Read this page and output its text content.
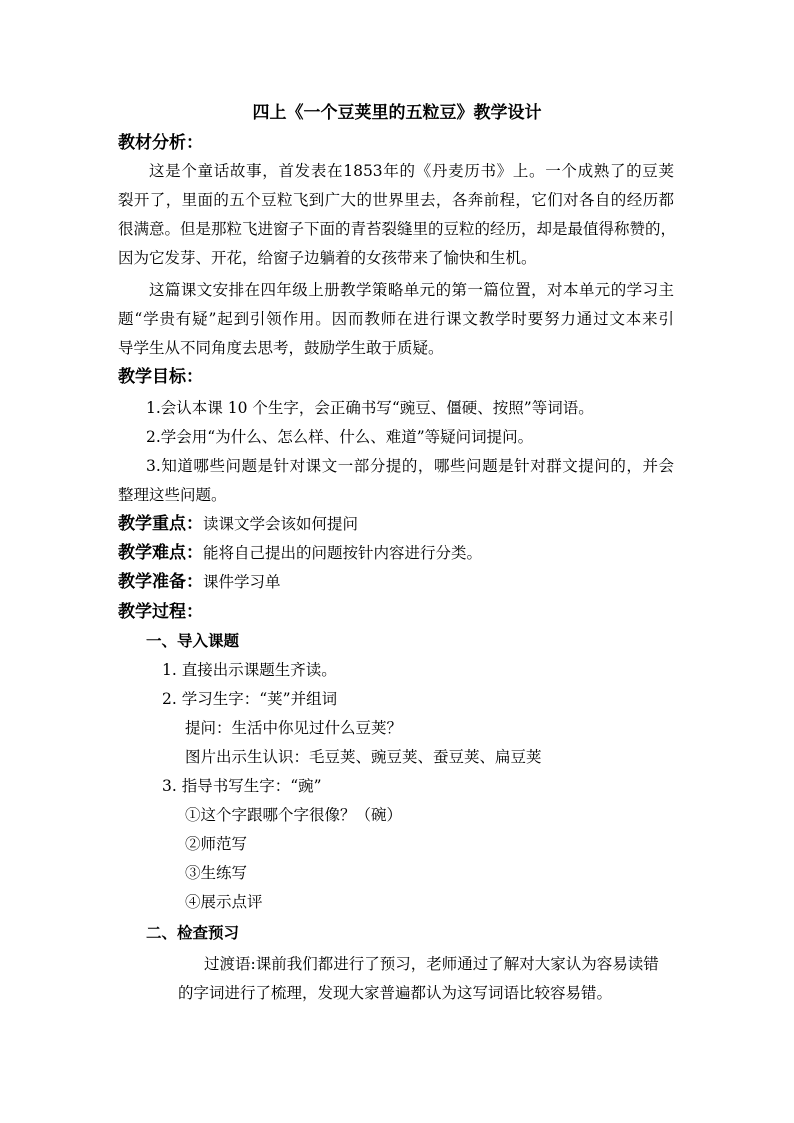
四上《一个豆荚里的五粒豆》教学设计
教材分析：
这是个童话故事，首发表在1853年的《丹麦历书》上。一个成熟了的豆荚
裂开了，里面的五个豆粒飞到广大的世界里去，各奔前程，它们对各自的经历都
很满意。但是那粒飞进窗子下面的青苔裂缝里的豆粒的经历，却是最值得称赞的，
因为它发芽、开花，给窗子边躺着的女孩带来了愉快和生机。
这篇课文安排在四年级上册教学策略单元的第一篇位置，对本单元的学习主
题“学贵有疑”起到引领作用。因而教师在进行课文教学时要努力通过文本来引
导学生从不同角度去思考，鼓励学生敢于质疑。
教学目标：
1.会认本课 10 个生字，会正确书写“豌豆、僵硬、按照”等词语。
2.学会用“为什么、怎么样、什么、难道”等疑问词提问。
3.知道哪些问题是针对课文一部分提的，哪些问题是针对群文提问的，并会
整理这些问题。
教学重点：读课文学会该如何提问
教学难点：能将自己提出的问题按针内容进行分类。
教学准备：课件学习单
教学过程：
一、导入课题
1. 直接出示课题生齐读。
2. 学习生字：“荚”并组词
提问：生活中你见过什么豆荚？
图片出示生认识：毛豆荚、豌豆荚、蚕豆荚、扁豆荚
3. 指导书写生字：“豌”
①这个字跟哪个字很像？（碗）
②师范写
③生练写
④展示点评
二、检查预习
过渡语:课前我们都进行了预习，老师通过了解对大家认为容易读错
的字词进行了梳理，发现大家普遍都认为这写词语比较容易错。
